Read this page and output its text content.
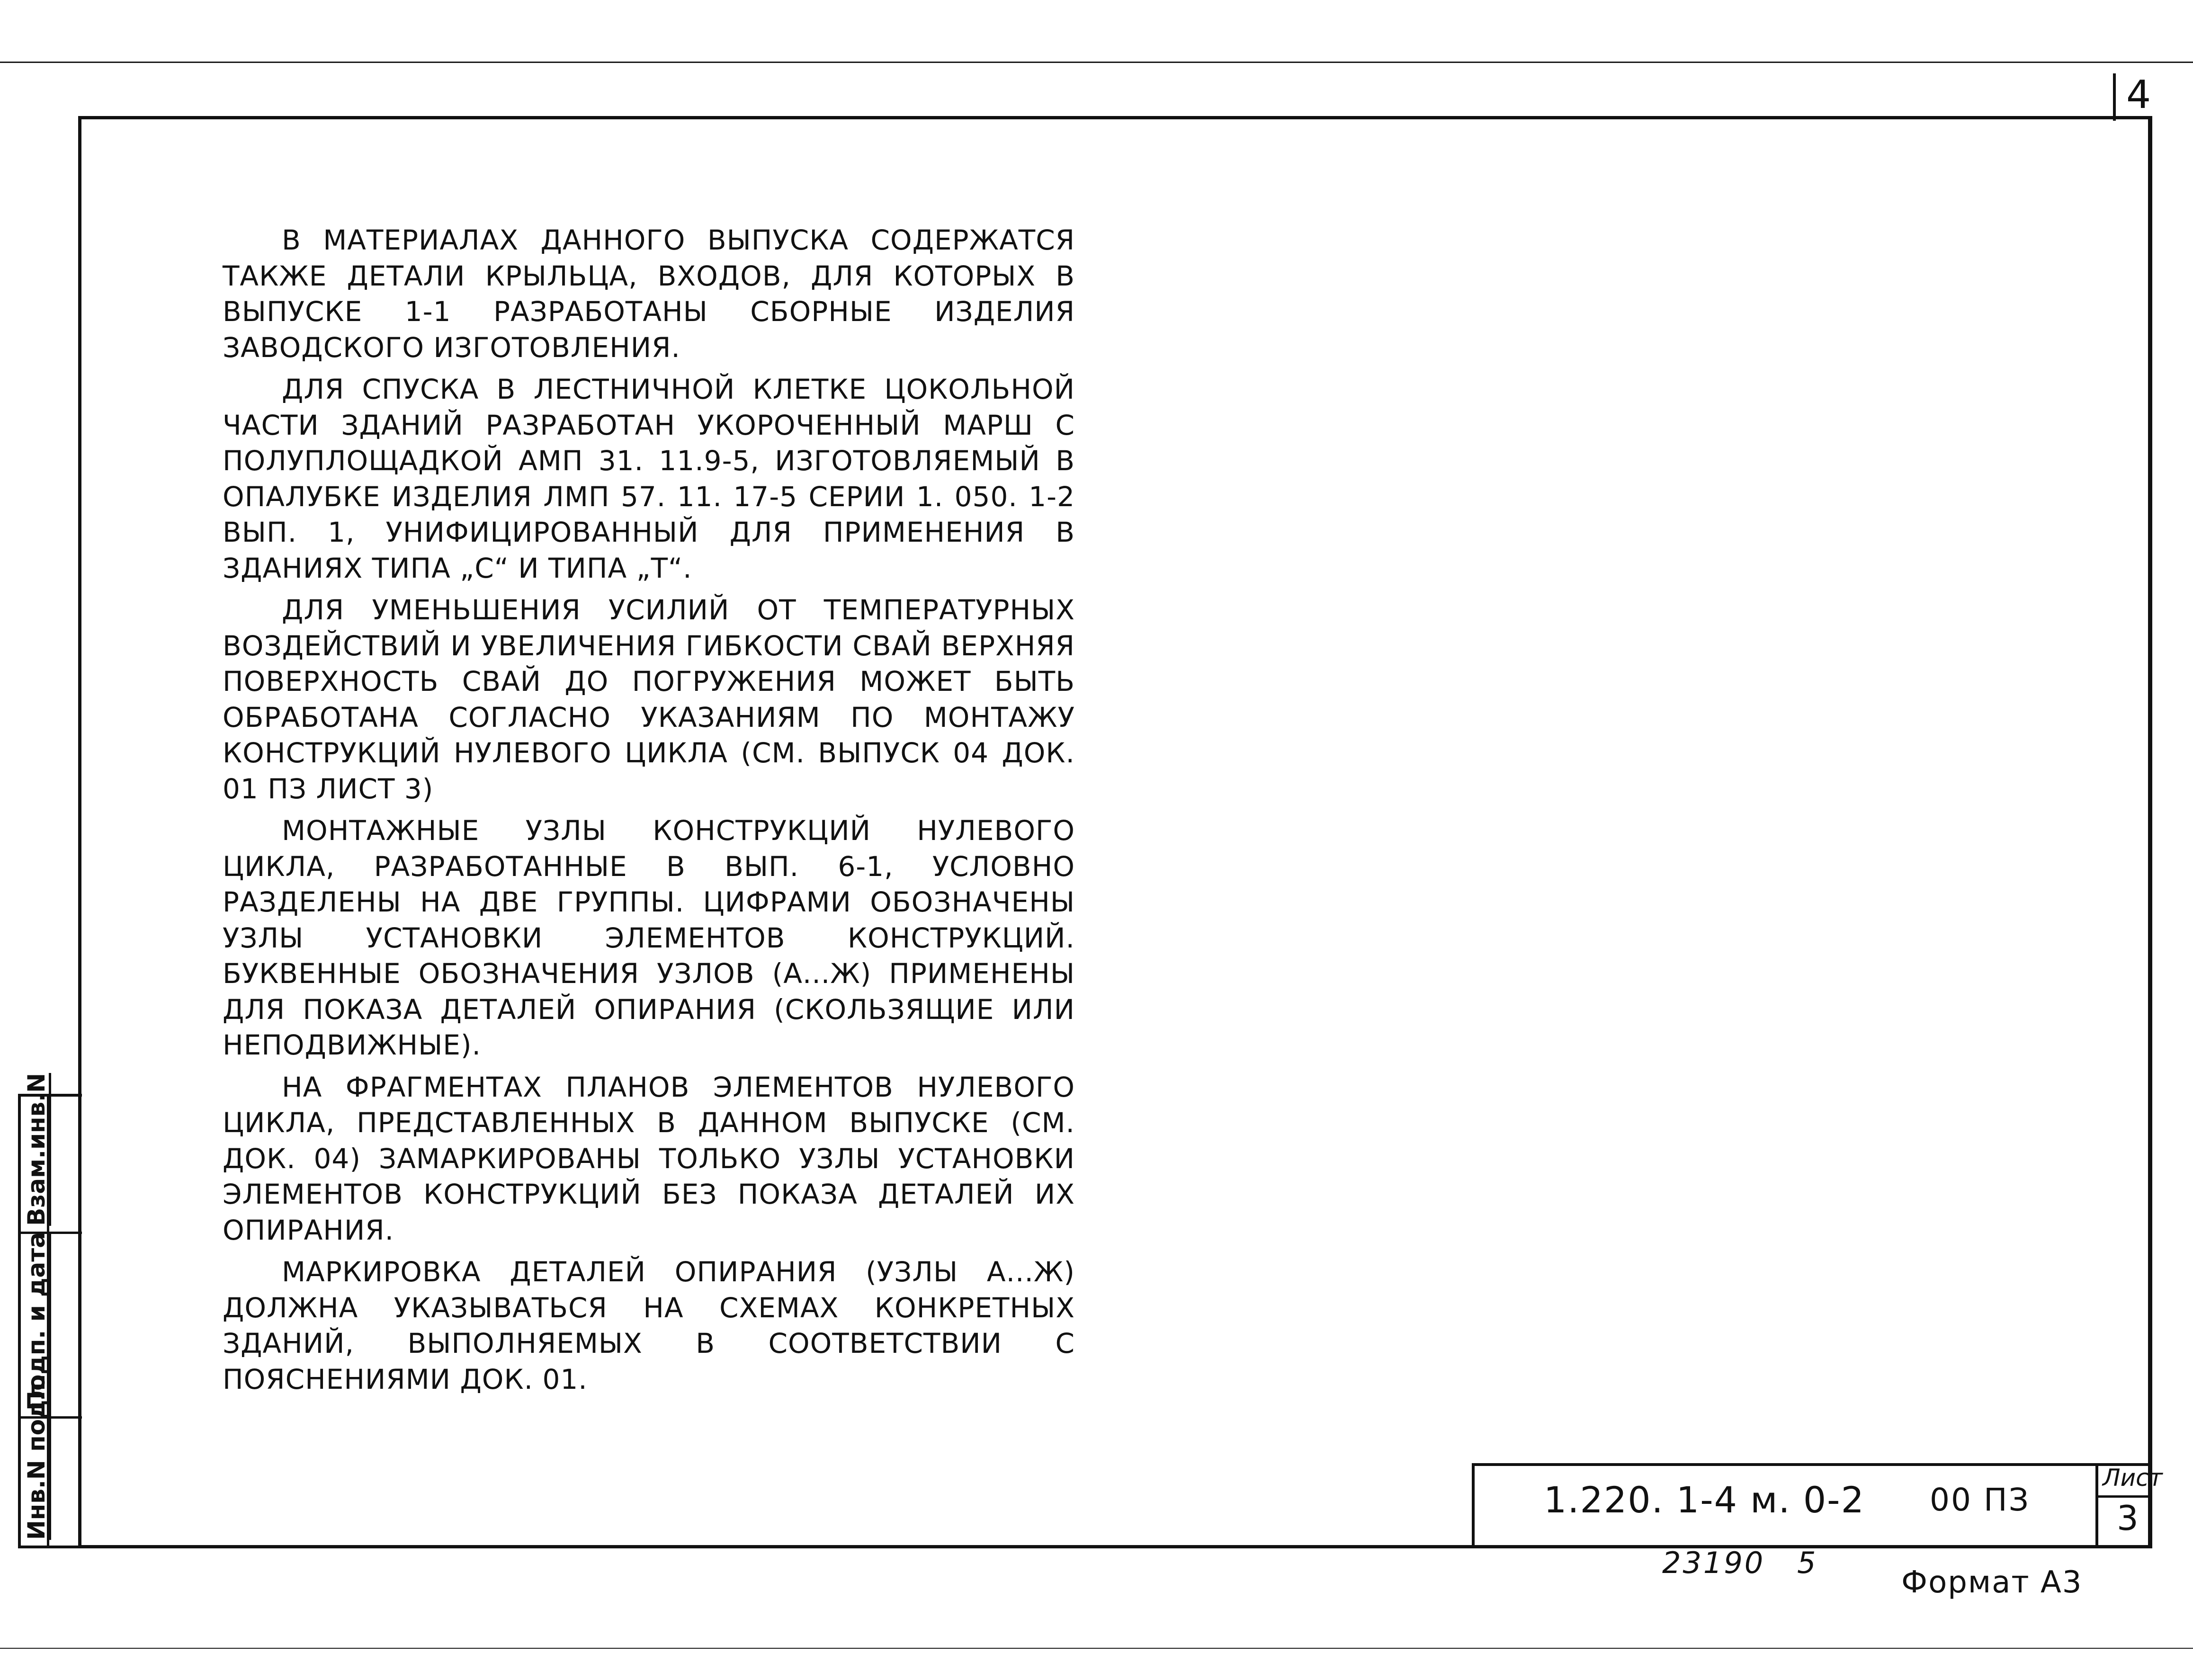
4

В МАТЕРИАЛАХ ДАННОГО ВЫПУСКА СОДЕРЖАТСЯ ТАКЖЕ ДЕТАЛИ КРЫЛЬЦА, ВХОДОВ, ДЛЯ КОТОРЫХ В ВЫПУСКЕ 1-1 РАЗРАБОТАНЫ СБОРНЫЕ ИЗДЕЛИЯ ЗАВОДСКОГО ИЗГОТОВЛЕНИЯ.

ДЛЯ СПУСКА В ЛЕСТНИЧНОЙ КЛЕТКЕ ЦОКОЛЬНОЙ ЧАСТИ ЗДАНИЙ РАЗРАБОТАН УКОРОЧЕННЫЙ МАРШ С ПОЛУПЛОЩАДКОЙ АМП 31. 11.9-5, ИЗГОТОВЛЯЕМЫЙ В ОПАЛУБКЕ ИЗДЕЛИЯ ЛМП 57. 11. 17-5 СЕРИИ 1. 050. 1-2 ВЫП. 1, УНИФИЦИРОВАННЫЙ ДЛЯ ПРИМЕНЕНИЯ В ЗДАНИЯХ ТИПА „С“ И ТИПА „Т“.

ДЛЯ УМЕНЬШЕНИЯ УСИЛИЙ ОТ ТЕМПЕРАТУРНЫХ ВОЗДЕЙСТВИЙ И УВЕЛИЧЕНИЯ ГИБКОСТИ СВАЙ ВЕРХНЯЯ ПОВЕРХНОСТЬ СВАЙ ДО ПОГРУЖЕНИЯ МОЖЕТ БЫТЬ ОБРАБОТАНА СОГЛАСНО УКАЗАНИЯМ ПО МОНТАЖУ КОНСТРУКЦИЙ НУЛЕВОГО ЦИКЛА (СМ. ВЫПУСК 04 ДОК. 01 ПЗ ЛИСТ 3)

МОНТАЖНЫЕ УЗЛЫ КОНСТРУКЦИЙ НУЛЕВОГО ЦИКЛА, РАЗРАБОТАННЫЕ В ВЫП. 6-1, УСЛОВНО РАЗДЕЛЕНЫ НА ДВЕ ГРУППЫ. ЦИФРАМИ ОБОЗНАЧЕНЫ УЗЛЫ УСТАНОВКИ ЭЛЕМЕНТОВ КОНСТРУКЦИЙ. БУКВЕННЫЕ ОБОЗНАЧЕНИЯ УЗЛОВ (А...Ж) ПРИМЕНЕНЫ ДЛЯ ПОКАЗА ДЕТАЛЕЙ ОПИРАНИЯ (СКОЛЬЗЯЩИЕ ИЛИ НЕПОДВИЖНЫЕ).

НА ФРАГМЕНТАХ ПЛАНОВ ЭЛЕМЕНТОВ НУЛЕВОГО ЦИКЛА, ПРЕДСТАВЛЕННЫХ В ДАННОМ ВЫПУСКЕ (СМ. ДОК. 04) ЗАМАРКИРОВАНЫ ТОЛЬКО УЗЛЫ УСТАНОВКИ ЭЛЕМЕНТОВ КОНСТРУКЦИЙ БЕЗ ПОКАЗА ДЕТАЛЕЙ ИХ ОПИРАНИЯ.

МАРКИРОВКА ДЕТАЛЕЙ ОПИРАНИЯ (УЗЛЫ А...Ж) ДОЛЖНА УКАЗЫВАТЬСЯ НА СХЕМАХ КОНКРЕТНЫХ ЗДАНИЙ, ВЫПОЛНЯЕМЫХ В СООТВЕТСТВИИ С ПОЯСНЕНИЯМИ ДОК. 01.

Взам.инв.N
Подп. и дата
Инв.N подл.	1.220. 1-4 м. 0-2 00 ПЗ
Лист
3
23190 5
Формат А3
